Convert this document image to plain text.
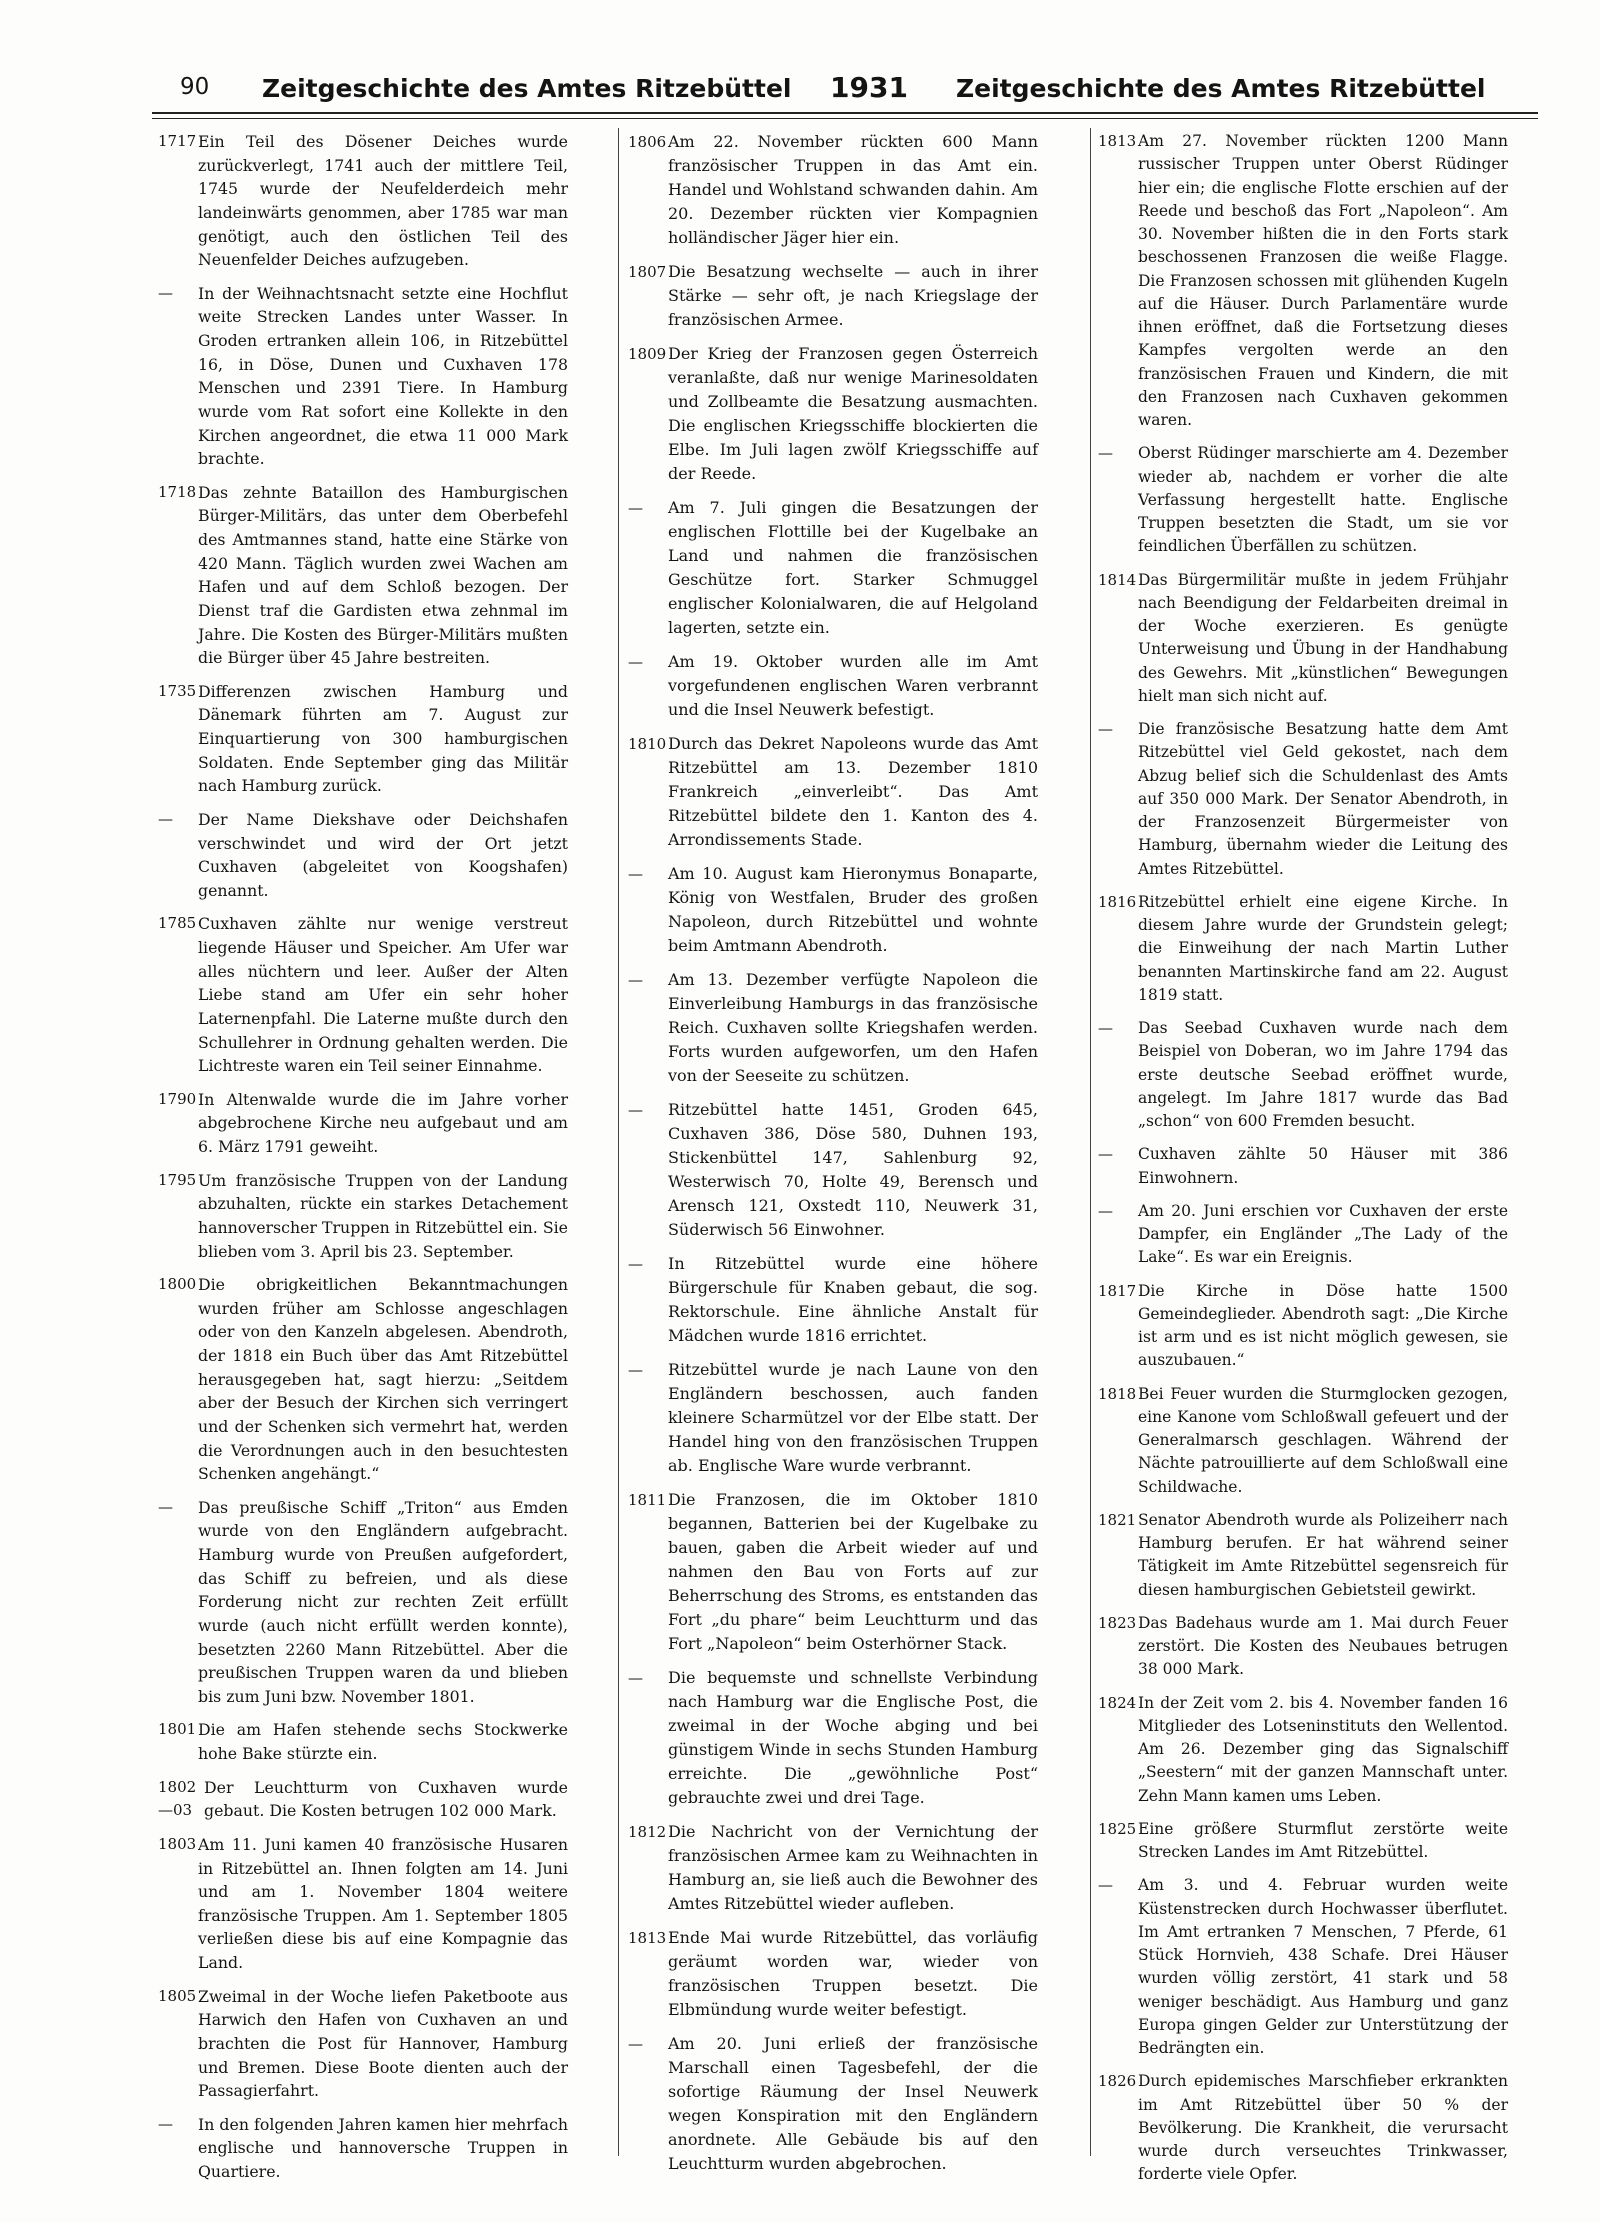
90 Zeitgeschichte des Amtes Ritzebüttel 1931 Zeitgeschichte des Amtes Ritzebüttel
1717 Ein Teil des Dösener Deiches wurde zurückverlegt, 1741 auch der mittlere Teil, 1745 wurde der Neufelderdeich mehr landeinwärts genommen, aber 1785 war man genötigt, auch den östlichen Teil des Neuenfelder Deiches aufzugeben.
—	In der Weihnachtsnacht setzte eine Hochflut weite Strecken Landes unter Wasser. In Groden ertranken allein 106, in Ritzebüttel 16, in Döse, Dunen und Cuxhaven 178 Menschen und 2391 Tiere. In Hamburg wurde vom Rat sofort eine Kollekte in den Kirchen angeordnet, die etwa 11 000 Mark brachte.
1718 Das zehnte Bataillon des Hamburgischen Bürger-Militärs, das unter dem Oberbefehl des Amtmannes stand, hatte eine Stärke von 420 Mann. Täglich wurden zwei Wachen am Hafen und auf dem Schloß bezogen. Der Dienst traf die Gardisten etwa zehnmal im Jahre. Die Kosten des Bürger-Militärs mußten die Bürger über 45 Jahre bestreiten.
1735 Differenzen zwischen Hamburg und Dänemark führten am 7. August zur Einquartierung von 300 hamburgischen Soldaten. Ende September ging das Militär nach Hamburg zurück.
—	Der Name Diekshave oder Deichshafen verschwindet und wird der Ort jetzt Cuxhaven (abgeleitet von Koogshafen) genannt.
1785 Cuxhaven zählte nur wenige verstreut liegende Häuser und Speicher. Am Ufer war alles nüchtern und leer. Außer der Alten Liebe stand am Ufer ein sehr hoher Laternenpfahl. Die Laterne mußte durch den Schullehrer in Ordnung gehalten werden. Die Lichtreste waren ein Teil seiner Einnahme.
1790 In Altenwalde wurde die im Jahre vorher abgebrochene Kirche neu aufgebaut und am 6. März 1791 geweiht.
1795 Um französische Truppen von der Landung abzuhalten, rückte ein starkes Detachement hannoverscher Truppen in Ritzebüttel ein. Sie blieben vom 3. April bis 23. September.
1800 Die obrigkeitlichen Bekanntmachungen wurden früher am Schlosse angeschlagen oder von den Kanzeln abgelesen. Abendroth, der 1818 ein Buch über das Amt Ritzebüttel herausgegeben hat, sagt hierzu: „Seitdem aber der Besuch der Kirchen sich verringert und der Schenken sich vermehrt hat, werden die Verordnungen auch in den besuchtesten Schenken angehängt.“
—	Das preußische Schiff „Triton“ aus Emden wurde von den Engländern aufgebracht. Hamburg wurde von Preußen aufgefordert, das Schiff zu befreien, und als diese Forderung nicht zur rechten Zeit erfüllt wurde (auch nicht erfüllt werden konnte), besetzten 2260 Mann Ritzebüttel. Aber die preußischen Truppen waren da und blieben bis zum Juni bzw. November 1801.
1801 Die am Hafen stehende sechs Stockwerke hohe Bake stürzte ein.
1802—03
Der Leuchtturm von Cuxhaven wurde gebaut. Die Kosten betrugen 102 000 Mark.
1803 Am 11. Juni kamen 40 französische Husaren in Ritzebüttel an. Ihnen folgten am 14. Juni und am 1. November 1804 weitere französische Truppen. Am 1. September 1805 verließen diese bis auf eine Kompagnie das Land.
1805 Zweimal in der Woche liefen Paketboote aus Harwich den Hafen von Cuxhaven an und brachten die Post für Hannover, Hamburg und Bremen. Diese Boote dienten auch der Passagierfahrt.
—	In den folgenden Jahren kamen hier mehrfach englische und hannoversche Truppen in Quartiere.
1806 Am 22. November rückten 600 Mann französischer Truppen in das Amt ein. Handel und Wohlstand schwanden dahin. Am 20. Dezember rückten vier Kompagnien holländischer Jäger hier ein.
1807 Die Besatzung wechselte — auch in ihrer Stärke — sehr oft, je nach Kriegslage der französischen Armee.
1809 Der Krieg der Franzosen gegen Österreich veranlaßte, daß nur wenige Marinesoldaten und Zollbeamte die Besatzung ausmachten. Die englischen Kriegsschiffe blockierten die Elbe. Im Juli lagen zwölf Kriegsschiffe auf der Reede.
—	Am 7. Juli gingen die Besatzungen der englischen Flottille bei der Kugelbake an Land und nahmen die französischen Geschütze fort. Starker Schmuggel englischer Kolonialwaren, die auf Helgoland lagerten, setzte ein.
—	Am 19. Oktober wurden alle im Amt vorgefundenen englischen Waren verbrannt und die Insel Neuwerk befestigt.
1810 Durch das Dekret Napoleons wurde das Amt Ritzebüttel am 13. Dezember 1810 Frankreich „einverleibt“. Das Amt Ritzebüttel bildete den 1. Kanton des 4. Arrondissements Stade.
—	Am 10. August kam Hieronymus Bonaparte, König von Westfalen, Bruder des großen Napoleon, durch Ritzebüttel und wohnte beim Amtmann Abendroth.
—	Am 13. Dezember verfügte Napoleon die Einverleibung Hamburgs in das französische Reich. Cuxhaven sollte Kriegshafen werden. Forts wurden aufgeworfen, um den Hafen von der Seeseite zu schützen.
—	Ritzebüttel hatte 1451, Groden 645, Cuxhaven 386, Döse 580, Duhnen 193, Stickenbüttel 147, Sahlenburg 92, Westerwisch 70, Holte 49, Berensch und Arensch 121, Oxstedt 110, Neuwerk 31, Süderwisch 56 Einwohner.
—	In Ritzebüttel wurde eine höhere Bürgerschule für Knaben gebaut, die sog. Rektorschule. Eine ähnliche Anstalt für Mädchen wurde 1816 errichtet.
—	Ritzebüttel wurde je nach Laune von den Engländern beschossen, auch fanden kleinere Scharmützel vor der Elbe statt. Der Handel hing von den französischen Truppen ab. Englische Ware wurde verbrannt.
1811 Die Franzosen, die im Oktober 1810 begannen, Batterien bei der Kugelbake zu bauen, gaben die Arbeit wieder auf und nahmen den Bau von Forts auf zur Beherrschung des Stroms, es entstanden das Fort „du phare“ beim Leuchtturm und das Fort „Napoleon“ beim Osterhörner Stack.
—	Die bequemste und schnellste Verbindung nach Hamburg war die Englische Post, die zweimal in der Woche abging und bei günstigem Winde in sechs Stunden Hamburg erreichte. Die „gewöhnliche Post“ gebrauchte zwei und drei Tage.
1812 Die Nachricht von der Vernichtung der französischen Armee kam zu Weihnachten in Hamburg an, sie ließ auch die Bewohner des Amtes Ritzebüttel wieder aufleben.
1813 Ende Mai wurde Ritzebüttel, das vorläufig geräumt worden war, wieder von französischen Truppen besetzt. Die Elbmündung wurde weiter befestigt.
—	Am 20. Juni erließ der französische Marschall einen Tagesbefehl, der die sofortige Räumung der Insel Neuwerk wegen Konspiration mit den Engländern anordnete. Alle Gebäude bis auf den Leuchtturm wurden abgebrochen.
1813 Am 27. November rückten 1200 Mann russischer Truppen unter Oberst Rüdinger hier ein; die englische Flotte erschien auf der Reede und beschoß das Fort „Napoleon“. Am 30. November hißten die in den Forts stark beschossenen Franzosen die weiße Flagge. Die Franzosen schossen mit glühenden Kugeln auf die Häuser. Durch Parlamentäre wurde ihnen eröffnet, daß die Fortsetzung dieses Kampfes vergolten werde an den französischen Frauen und Kindern, die mit den Franzosen nach Cuxhaven gekommen waren.
—	Oberst Rüdinger marschierte am 4. Dezember wieder ab, nachdem er vorher die alte Verfassung hergestellt hatte. Englische Truppen besetzten die Stadt, um sie vor feindlichen Überfällen zu schützen.
1814 Das Bürgermilitär mußte in jedem Frühjahr nach Beendigung der Feldarbeiten dreimal in der Woche exerzieren. Es genügte Unterweisung und Übung in der Handhabung des Gewehrs. Mit „künstlichen“ Bewegungen hielt man sich nicht auf.
—	Die französische Besatzung hatte dem Amt Ritzebüttel viel Geld gekostet, nach dem Abzug belief sich die Schuldenlast des Amts auf 350 000 Mark. Der Senator Abendroth, in der Franzosenzeit Bürgermeister von Hamburg, übernahm wieder die Leitung des Amtes Ritzebüttel.
1816 Ritzebüttel erhielt eine eigene Kirche. In diesem Jahre wurde der Grundstein gelegt; die Einweihung der nach Martin Luther benannten Martinskirche fand am 22. August 1819 statt.
—	Das Seebad Cuxhaven wurde nach dem Beispiel von Doberan, wo im Jahre 1794 das erste deutsche Seebad eröffnet wurde, angelegt. Im Jahre 1817 wurde das Bad „schon“ von 600 Fremden besucht.
—	Cuxhaven zählte 50 Häuser mit 386 Einwohnern.
—	Am 20. Juni erschien vor Cuxhaven der erste Dampfer, ein Engländer „The Lady of the Lake“. Es war ein Ereignis.
1817 Die Kirche in Döse hatte 1500 Gemeindeglieder. Abendroth sagt: „Die Kirche ist arm und es ist nicht möglich gewesen, sie auszubauen.“
1818 Bei Feuer wurden die Sturmglocken gezogen, eine Kanone vom Schloßwall gefeuert und der Generalmarsch geschlagen. Während der Nächte patrouillierte auf dem Schloßwall eine Schildwache.
1821 Senator Abendroth wurde als Polizeiherr nach Hamburg berufen. Er hat während seiner Tätigkeit im Amte Ritzebüttel segensreich für diesen hamburgischen Gebietsteil gewirkt.
1823 Das Badehaus wurde am 1. Mai durch Feuer zerstört. Die Kosten des Neubaues betrugen 38 000 Mark.
1824 In der Zeit vom 2. bis 4. November fanden 16 Mitglieder des Lotseninstituts den Wellentod. Am 26. Dezember ging das Signalschiff „Seestern“ mit der ganzen Mannschaft unter. Zehn Mann kamen ums Leben.
1825 Eine größere Sturmflut zerstörte weite Strecken Landes im Amt Ritzebüttel.
—	Am 3. und 4. Februar wurden weite Küstenstrecken durch Hochwasser überflutet. Im Amt ertranken 7 Menschen, 7 Pferde, 61 Stück Hornvieh, 438 Schafe. Drei Häuser wurden völlig zerstört, 41 stark und 58 weniger beschädigt. Aus Hamburg und ganz Europa gingen Gelder zur Unterstützung der Bedrängten ein.
1826 Durch epidemisches Marschfieber erkrankten im Amt Ritzebüttel über 50 % der Bevölkerung. Die Krankheit, die verursacht wurde durch verseuchtes Trinkwasser, forderte viele Opfer.
